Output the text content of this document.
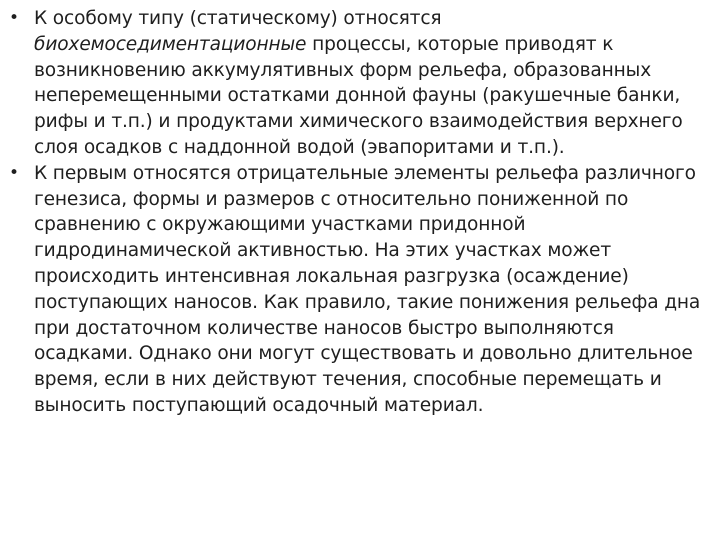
• К особому типу (статическому) относятся биохемоседиментационные процессы, которые приводят к возникновению аккумулятивных форм рельефа, образованных неперемещенными остатками донной фауны (ракушечные банки, рифы и т.п.) и продуктами химического взаимодействия верхнего слоя осадков с наддонной водой (эвапоритами и т.п.).
• К первым относятся отрицательные элементы рельефа различного генезиса, формы и размеров с относительно пониженной по сравнению с окружающими участками придонной гидродинамической активностью. На этих участках может происходить интенсивная локальная разгрузка (осаждение) поступающих наносов. Как правило, такие понижения рельефа дна при достаточном количестве наносов быстро выполняются осадками. Однако они могут существовать и довольно длительное время, если в них действуют течения, способные перемещать и выносить поступающий осадочный материал.
